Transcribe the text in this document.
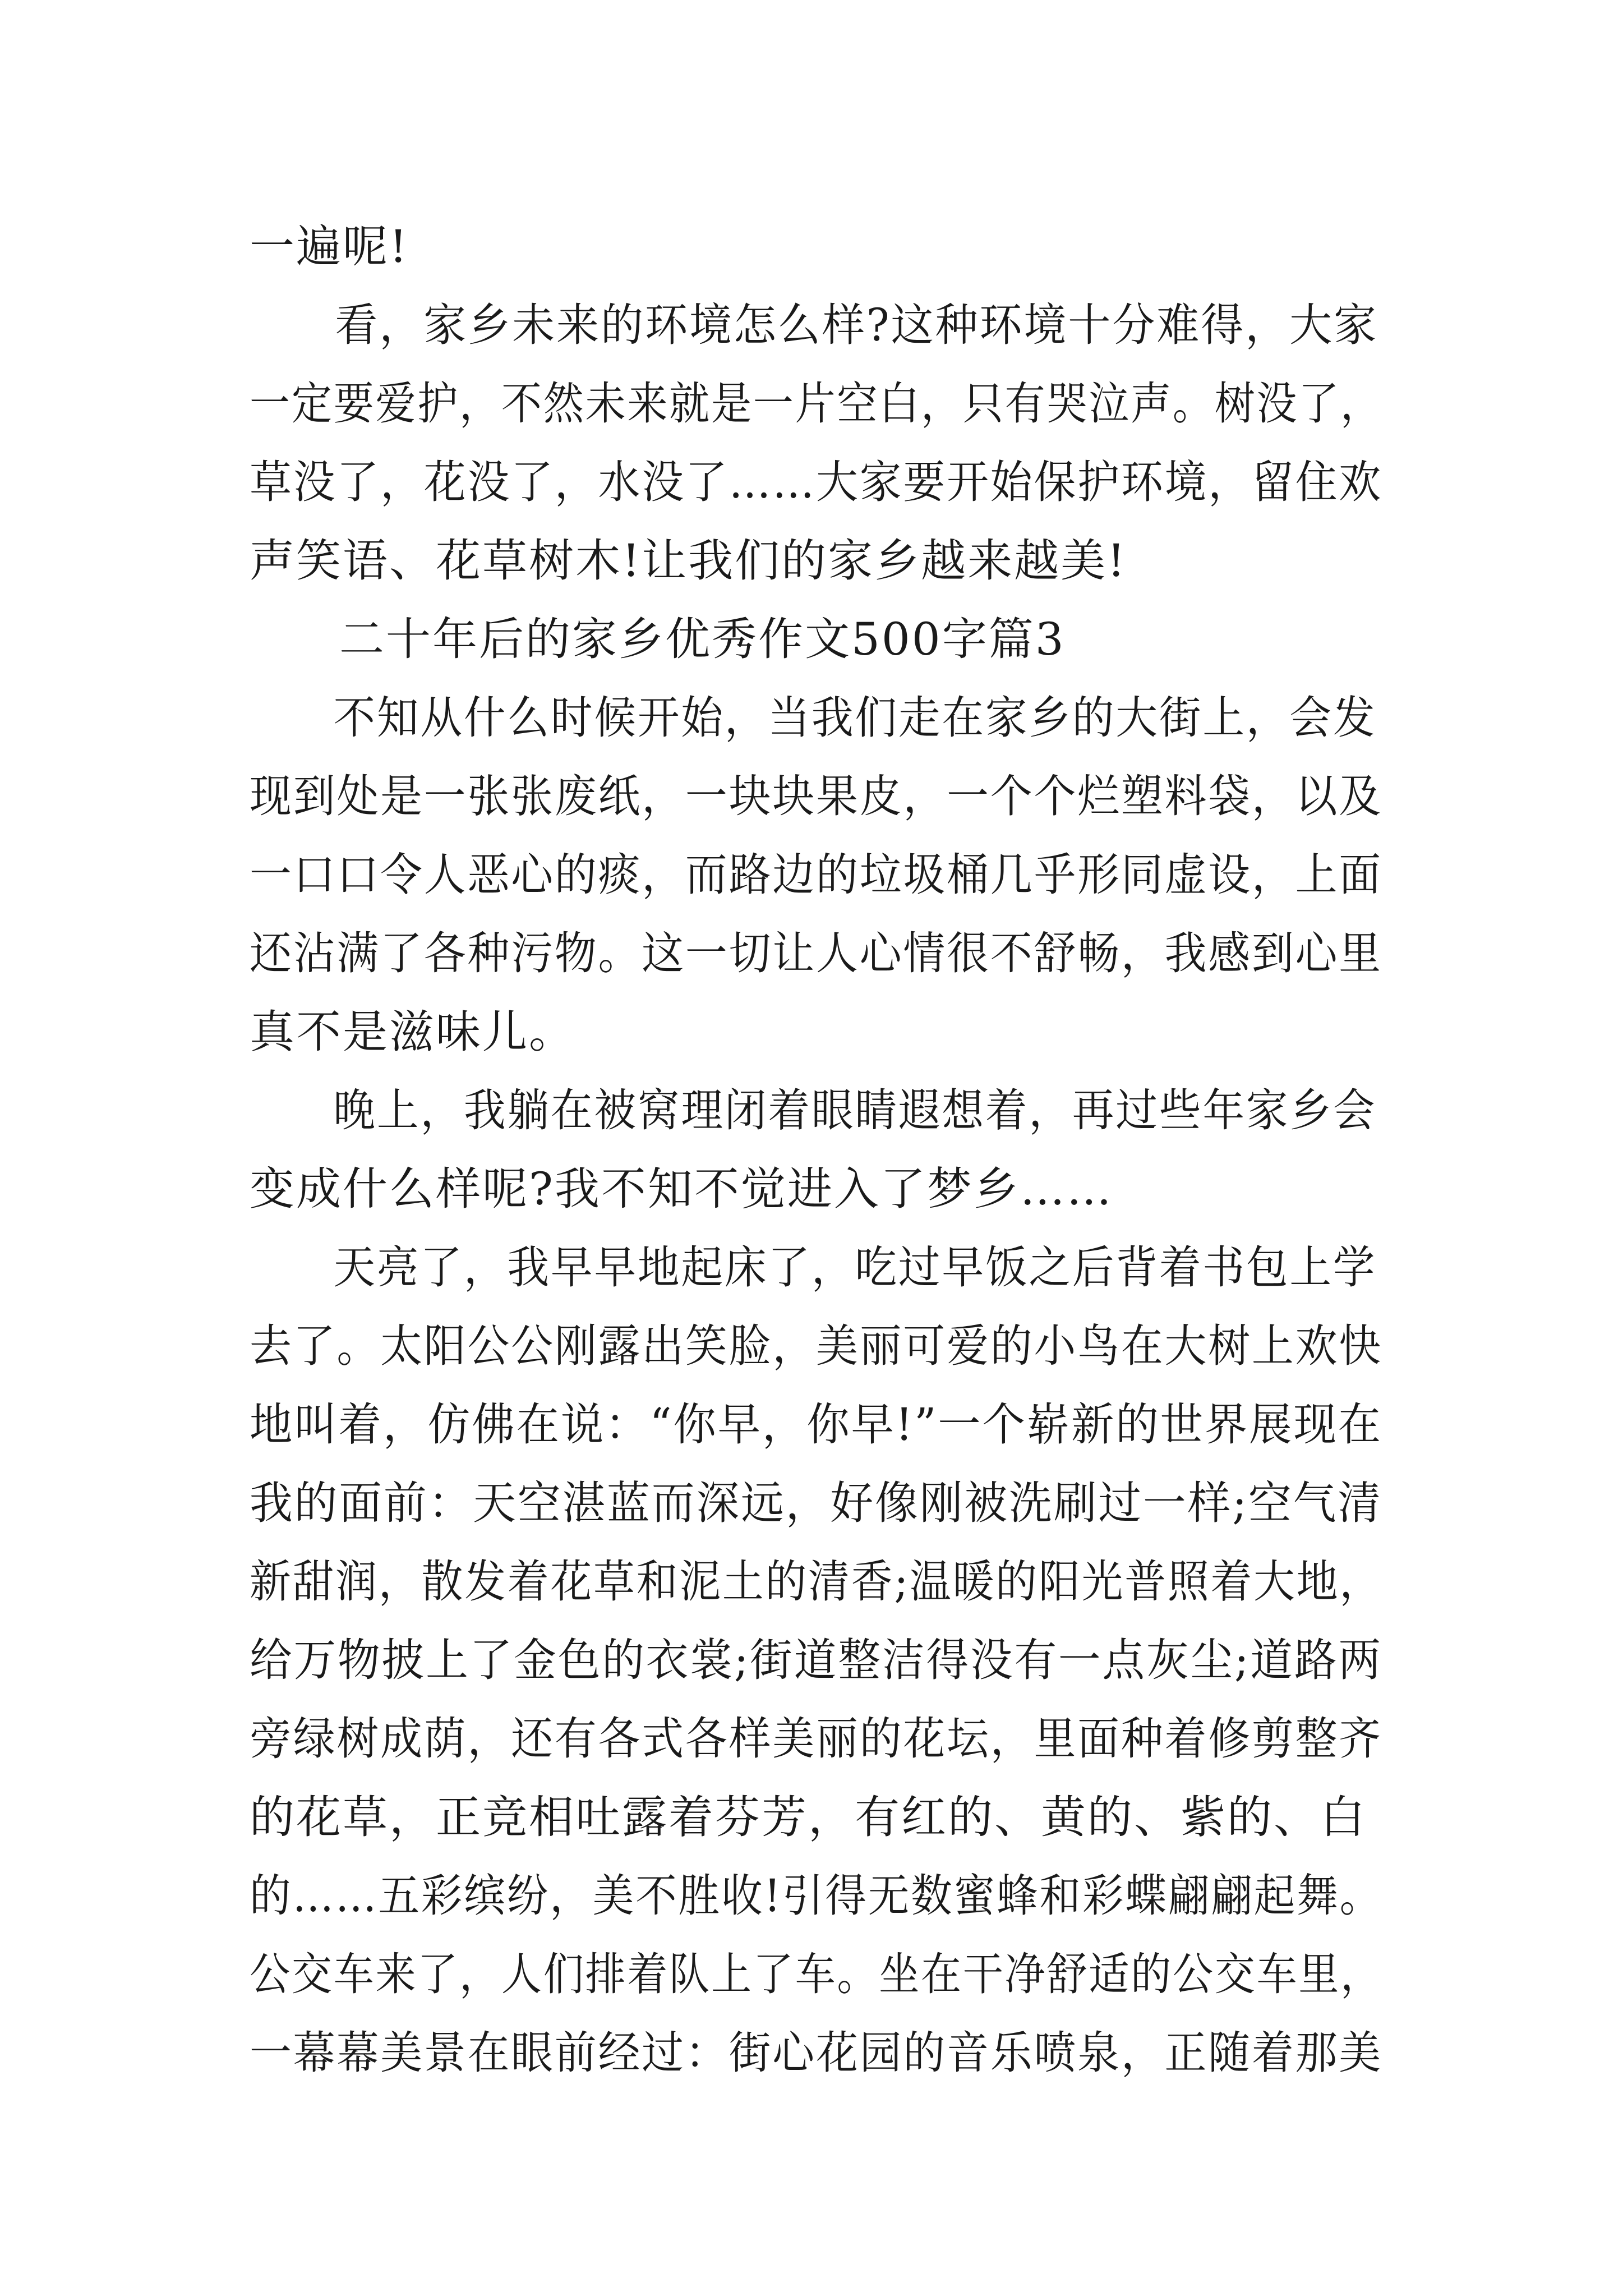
一遍呢!
看，家乡未来的环境怎么样?这种环境十分难得，大家
一定要爱护，不然未来就是一片空白，只有哭泣声。树没了，
草没了，花没了，水没了……大家要开始保护环境，留住欢
声笑语、花草树木!让我们的家乡越来越美!
二十年后的家乡优秀作文500字篇3
不知从什么时候开始，当我们走在家乡的大街上，会发
现到处是一张张废纸，一块块果皮，一个个烂塑料袋，以及
一口口令人恶心的痰，而路边的垃圾桶几乎形同虚设，上面
还沾满了各种污物。这一切让人心情很不舒畅，我感到心里
真不是滋味儿。
晚上，我躺在被窝理闭着眼睛遐想着，再过些年家乡会
变成什么样呢?我不知不觉进入了梦乡……
天亮了，我早早地起床了，吃过早饭之后背着书包上学
去了。太阳公公刚露出笑脸，美丽可爱的小鸟在大树上欢快
地叫着，仿佛在说：“你早，你早!”一个崭新的世界展现在
我的面前：天空湛蓝而深远，好像刚被洗刷过一样;空气清
新甜润，散发着花草和泥土的清香;温暖的阳光普照着大地，
给万物披上了金色的衣裳;街道整洁得没有一点灰尘;道路两
旁绿树成荫，还有各式各样美丽的花坛，里面种着修剪整齐
的花草，正竞相吐露着芬芳，有红的、黄的、紫的、白
的……五彩缤纷，美不胜收!引得无数蜜蜂和彩蝶翩翩起舞。
公交车来了，人们排着队上了车。坐在干净舒适的公交车里，
一幕幕美景在眼前经过：街心花园的音乐喷泉，正随着那美
